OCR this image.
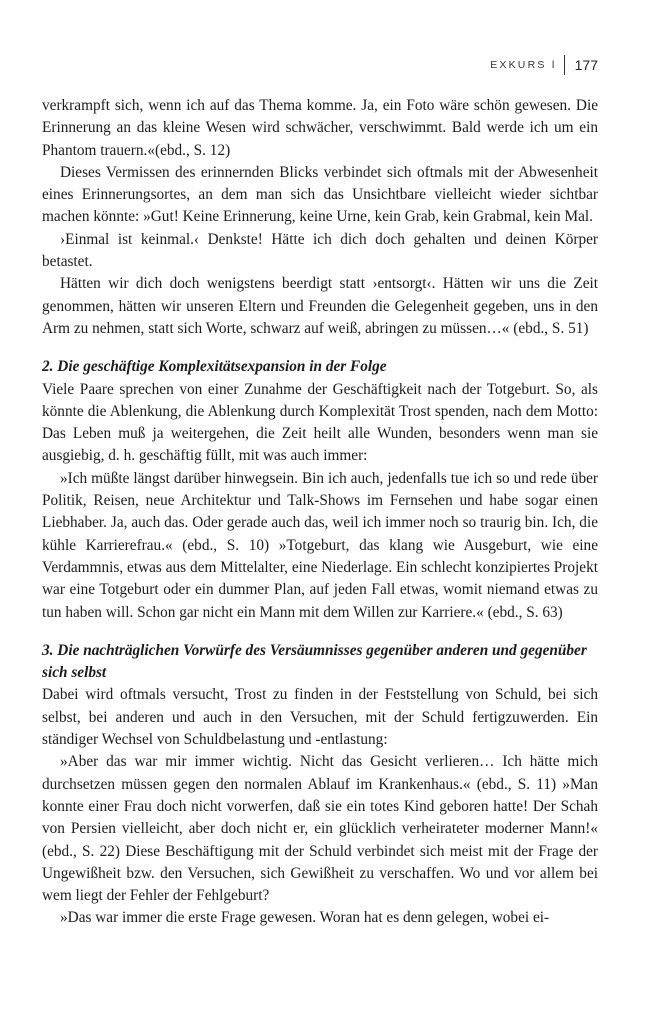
EXKURS I 177

verkrampft sich, wenn ich auf das Thema komme. Ja, ein Foto wäre schön gewesen. Die Erinnerung an das kleine Wesen wird schwächer, verschwimmt. Bald werde ich um ein Phantom trauern.«(ebd., S. 12)

Dieses Vermissen des erinnernden Blicks verbindet sich oftmals mit der Abwesenheit eines Erinnerungsortes, an dem man sich das Unsichtbare vielleicht wieder sichtbar machen könnte: »Gut! Keine Erinnerung, keine Urne, kein Grab, kein Grabmal, kein Mal.

›Einmal ist keinmal.‹ Denkste! Hätte ich dich doch gehalten und deinen Körper betastet.

Hätten wir dich doch wenigstens beerdigt statt ›entsorgt‹. Hätten wir uns die Zeit genommen, hätten wir unseren Eltern und Freunden die Gelegenheit gegeben, uns in den Arm zu nehmen, statt sich Worte, schwarz auf weiß, abringen zu müssen…« (ebd., S. 51)

2. Die geschäftige Komplexitätsexpansion in der Folge

Viele Paare sprechen von einer Zunahme der Geschäftigkeit nach der Totgeburt. So, als könnte die Ablenkung, die Ablenkung durch Komplexität Trost spenden, nach dem Motto: Das Leben muß ja weitergehen, die Zeit heilt alle Wunden, besonders wenn man sie ausgiebig, d. h. geschäftig füllt, mit was auch immer:

»Ich müßte längst darüber hinwegsein. Bin ich auch, jedenfalls tue ich so und rede über Politik, Reisen, neue Architektur und Talk-Shows im Fernsehen und habe sogar einen Liebhaber. Ja, auch das. Oder gerade auch das, weil ich immer noch so traurig bin. Ich, die kühle Karrierefrau.« (ebd., S. 10) »Totgeburt, das klang wie Ausgeburt, wie eine Verdammnis, etwas aus dem Mittelalter, eine Niederlage. Ein schlecht konzipiertes Projekt war eine Totgeburt oder ein dummer Plan, auf jeden Fall etwas, womit niemand etwas zu tun haben will. Schon gar nicht ein Mann mit dem Willen zur Karriere.« (ebd., S. 63)

3. Die nachträglichen Vorwürfe des Versäumnisses gegenüber anderen und gegenüber sich selbst

Dabei wird oftmals versucht, Trost zu finden in der Feststellung von Schuld, bei sich selbst, bei anderen und auch in den Versuchen, mit der Schuld fertigzuwerden. Ein ständiger Wechsel von Schuldbelastung und -entlastung:

»Aber das war mir immer wichtig. Nicht das Gesicht verlieren… Ich hätte mich durchsetzen müssen gegen den normalen Ablauf im Krankenhaus.« (ebd., S. 11) »Man konnte einer Frau doch nicht vorwerfen, daß sie ein totes Kind geboren hatte! Der Schah von Persien vielleicht, aber doch nicht er, ein glücklich verheirateter moderner Mann!« (ebd., S. 22) Diese Beschäftigung mit der Schuld verbindet sich meist mit der Frage der Ungewißheit bzw. den Versuchen, sich Gewißheit zu verschaffen. Wo und vor allem bei wem liegt der Fehler der Fehlgeburt?

»Das war immer die erste Frage gewesen. Woran hat es denn gelegen, wobei ei-
